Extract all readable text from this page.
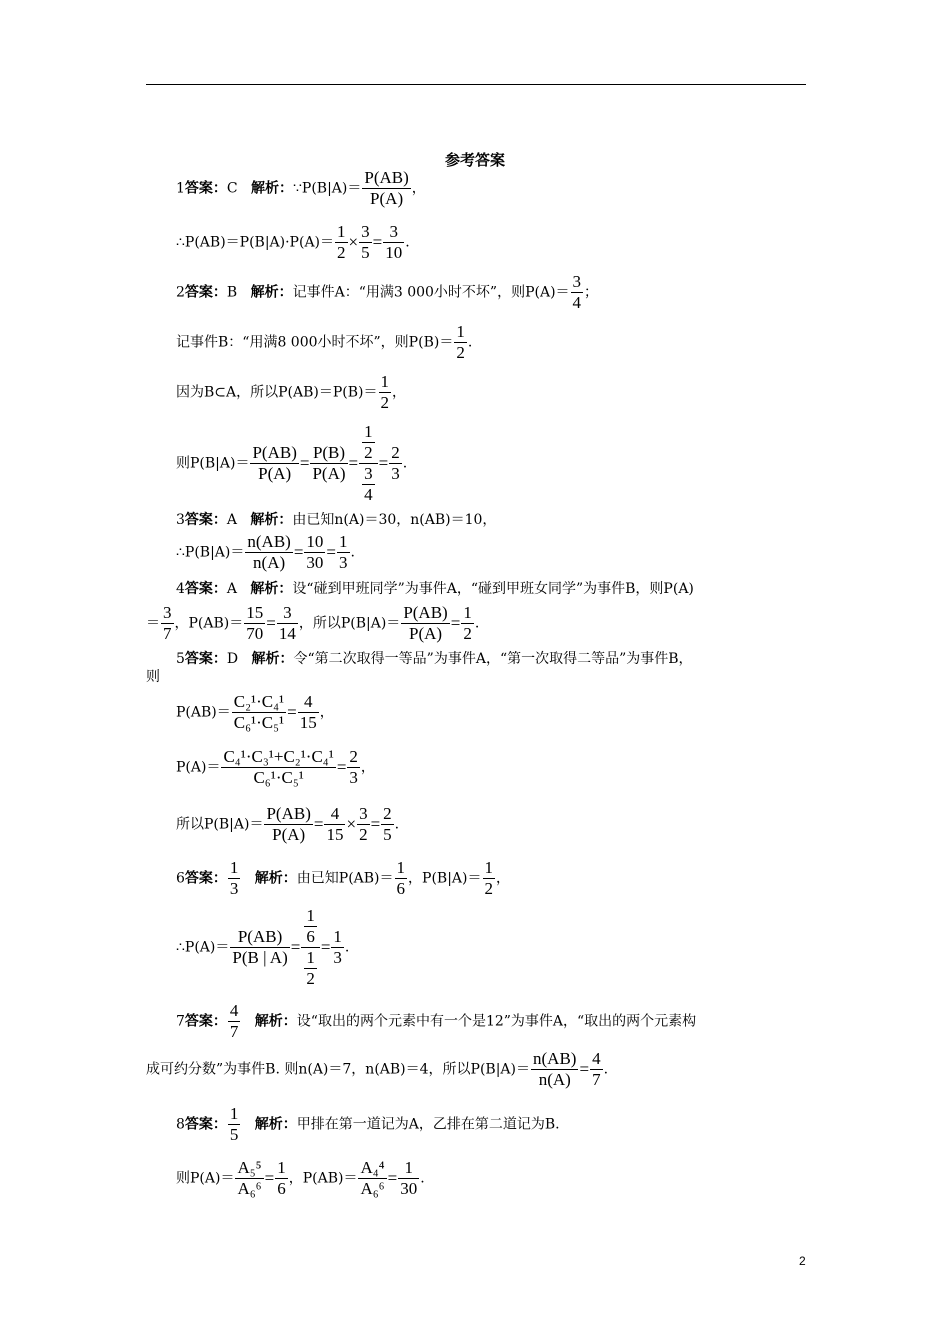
参考答案
1答案：C 解析：∵P(B|A)＝ $\frac{P(AB)}{P(A)}$ ，
∴P(AB)＝P(B|A)·P(A)＝ $\frac{1}{2} \times \frac{3}{5} = \frac{3}{10}$ .
2答案：B 解析：记事件A：“用满3 000小时不坏”，则$P(A)= \frac{3}{4}$ ；
记事件B：“用满8 000小时不坏”，则$P(B)= \frac{1}{2}$ .
因为B⊂A，所以$P(AB)=P(B)= \frac{1}{2}$ ，
则$P(B|A)= \frac{P(AB)}{P(A)} = \frac{P(B)}{P(A)} = \frac{\frac{1}{2}}{\frac{3}{4}} = \frac{2}{3}$ .
3答案：A 解析：由已知n(A)＝30，n(AB)＝10，
∴P(B|A)＝ $\frac{n(AB)}{n(A)} = \frac{10}{30} = \frac{1}{3}$ .
4答案：A 解析：设“碰到甲班同学”为事件A，“碰到甲班女同学”为事件B，则P(A)
＝ $\frac{3}{7}$ ，$P(AB)= \frac{15}{70} = \frac{3}{14}$ ，所以$P(B|A)= \frac{P(AB)}{P(A)} = \frac{1}{2}$ .
5答案：D 解析：令“第二次取得一等品”为事件A，“第一次取得二等品”为事件B，
则
$P(AB)= \frac{\text{C₂¹·C₄¹}}{\text{C₆¹·C₅¹}} = \frac{4}{15}$ ，
$P(A)= \frac{\text{C₄¹·C₃¹+C₂¹·C₄¹}}{\text{C₆¹·C₅¹}} = \frac{2}{3}$ ，
所以$P(B|A)= \frac{P(AB)}{P(A)} = \frac{4}{15} \times \frac{3}{2} = \frac{2}{5}$ .
6答案： $\frac{1}{3}$ 解析：由已知$P(AB)= \frac{1}{6}$ ，$P(B|A)= \frac{1}{2}$ ，
∴P(A)＝ $\frac{P(AB)}{P(B | A)} = \frac{\frac{1}{6}}{\frac{1}{2}} = \frac{1}{3}$ .
7答案： $\frac{4}{7}$ 解析：设“取出的两个元素中有一个是12”为事件A，“取出的两个元素构
成可约分数”为事件B. 则n(A)＝7，n(AB)＝4，所以$P(B|A)= \frac{n(AB)}{n(A)} = \frac{4}{7}$ .
8答案： $\frac{1}{5}$ 解析：甲排在第一道记为A，乙排在第二道记为B.
则$P(A)= \frac{\text{A₅⁵}}{\text{A₆⁶}} = \frac{1}{6}$ ，$P(AB)= \frac{\text{A₄⁴}}{\text{A₆⁶}} = \frac{1}{30}$ .
2
